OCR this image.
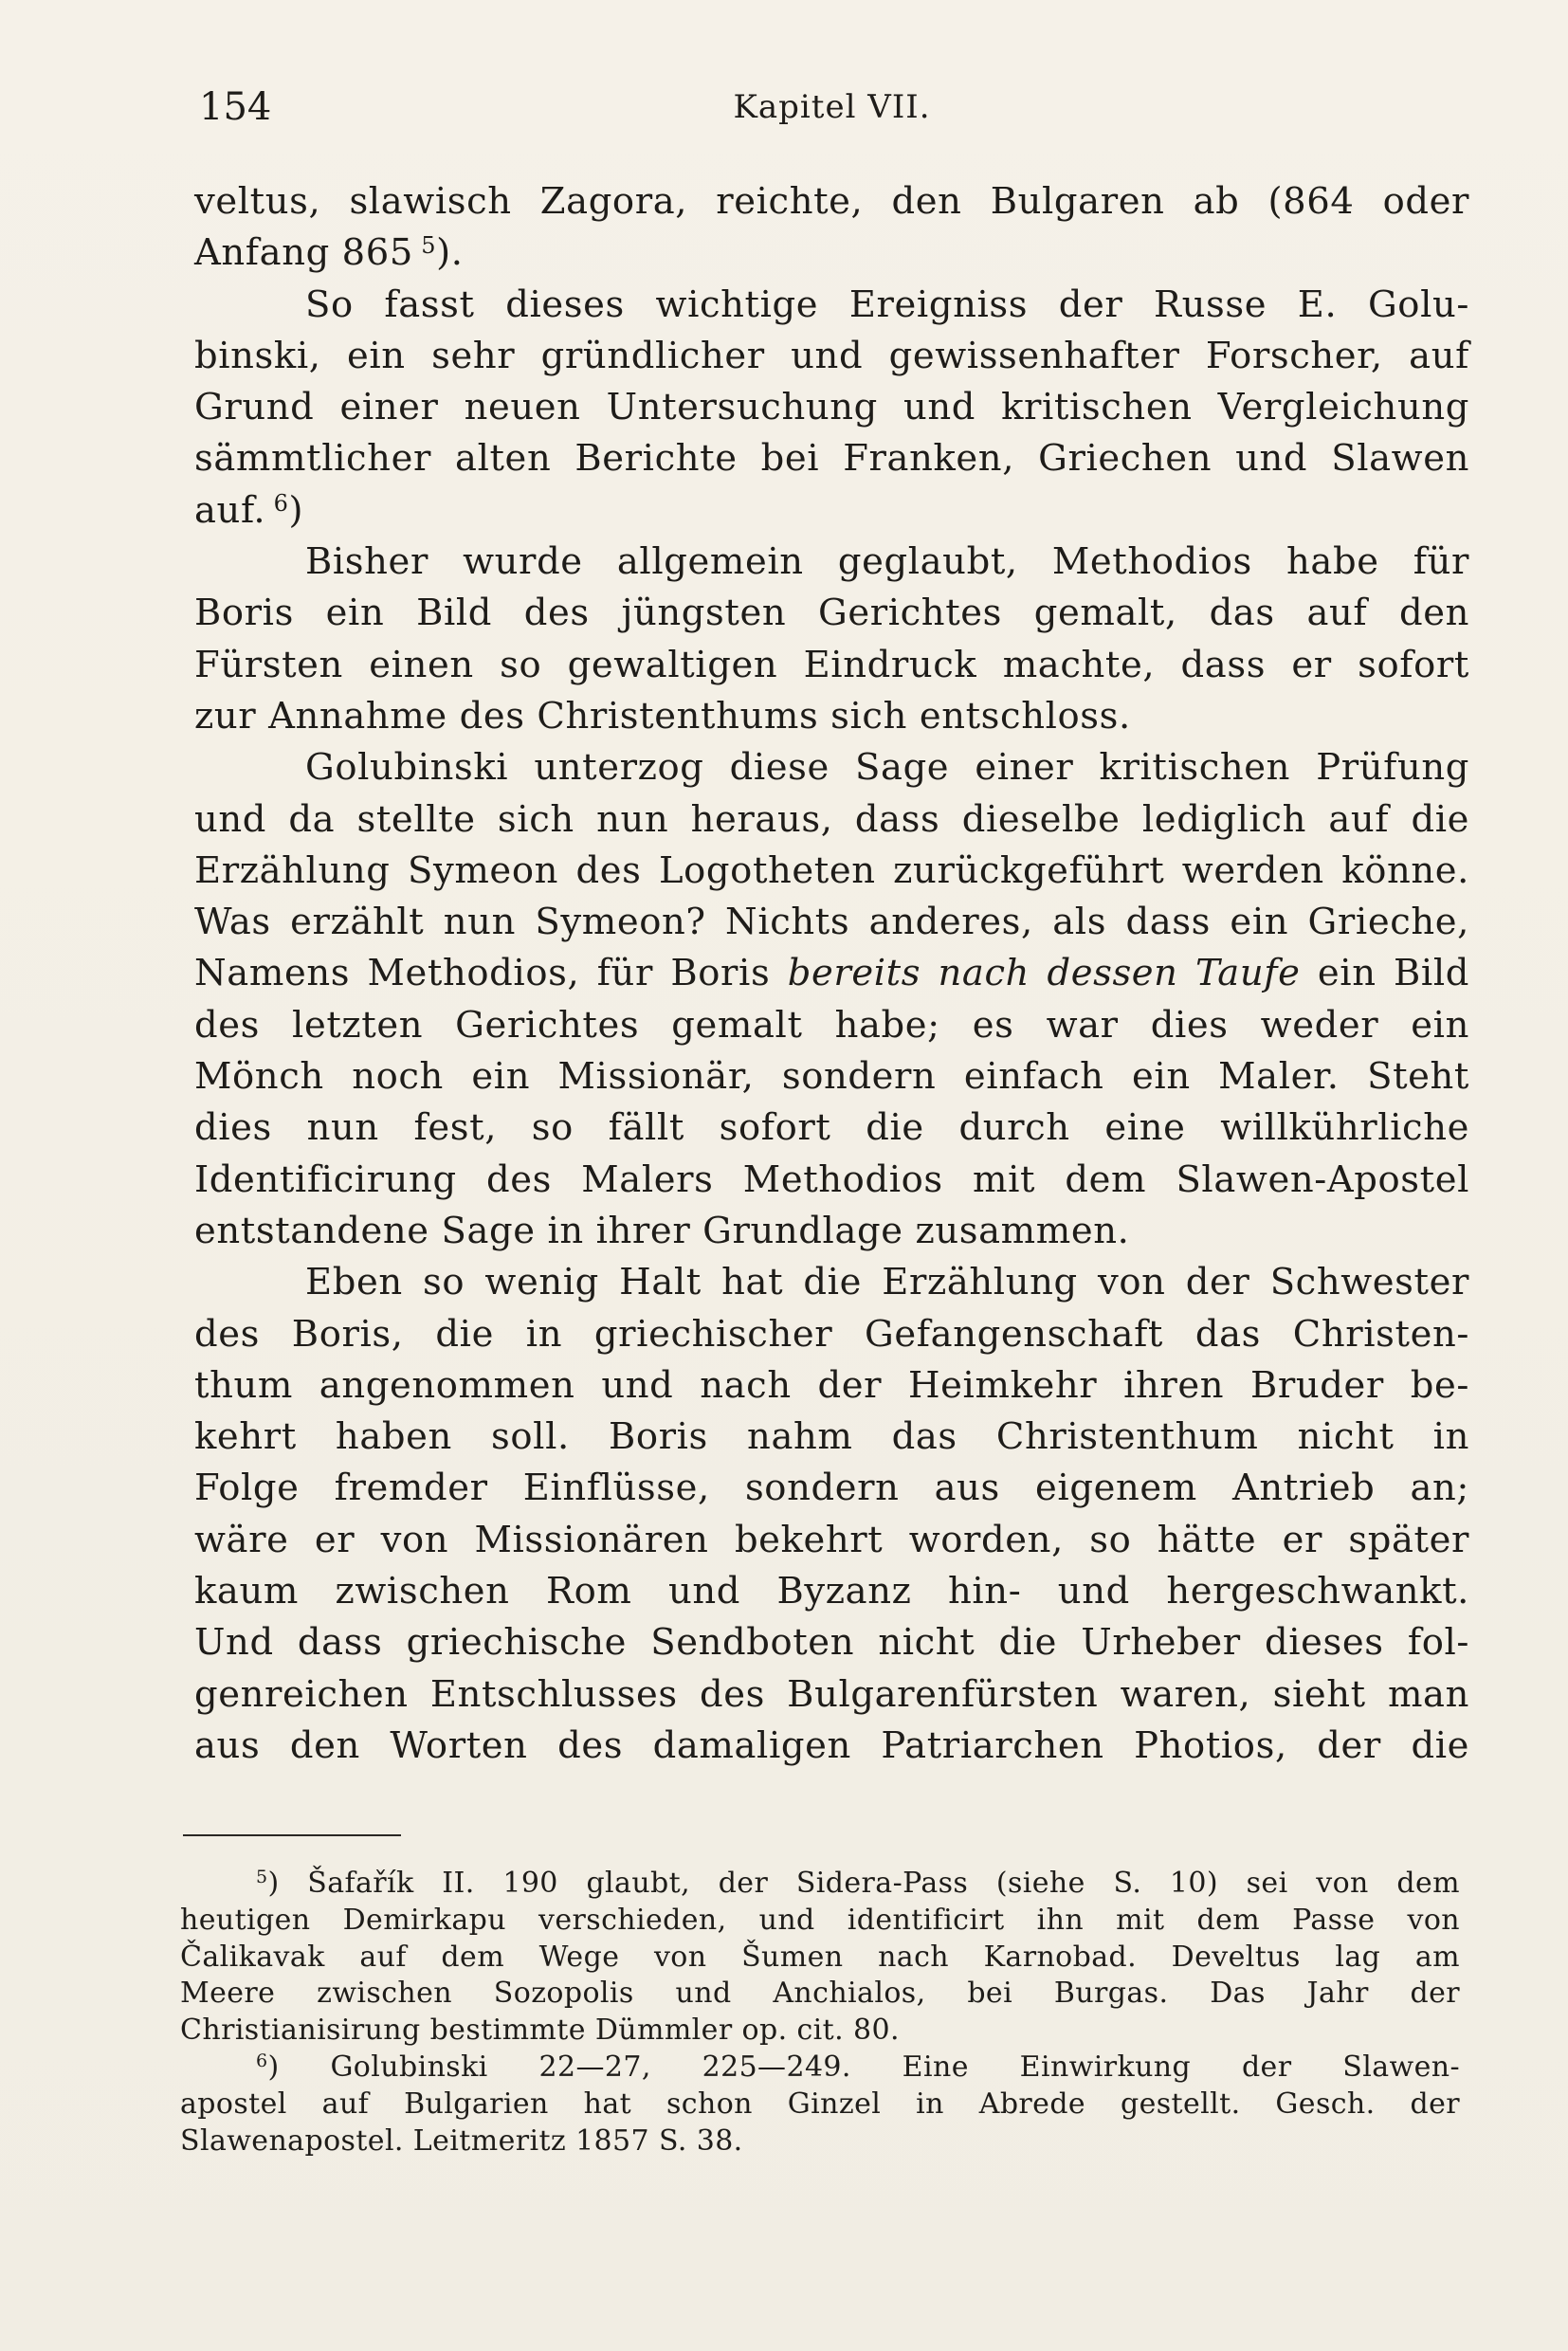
154	Kapitel VII.
veltus, slawisch Zagora, reichte, den Bulgaren ab (864 oder
Anfang 865  $^5$).
So fasst dieses wichtige Ereigniss der Russe E. Golu-
binski, ein sehr gründlicher und gewissenhafter Forscher, auf
Grund einer neuen Untersuchung und kritischen Vergleichung
sämmtlicher alten Berichte bei Franken, Griechen und Slawen
auf.  $^6$)
Bisher wurde allgemein geglaubt, Methodios habe für
Boris ein Bild des jüngsten Gerichtes gemalt, das auf den
Fürsten einen so gewaltigen Eindruck machte, dass er sofort
zur Annahme des Christenthums sich entschloss.
Golubinski unterzog diese Sage einer kritischen Prüfung
und da stellte sich nun heraus, dass dieselbe lediglich auf die
Erzählung Symeon des Logotheten zurückgeführt werden könne.
Was erzählt nun Symeon? Nichts anderes, als dass ein Grieche,
Namens Methodios, für Boris bereits nach dessen Taufe ein Bild
des letzten Gerichtes gemalt habe; es war dies weder ein
Mönch noch ein Missionär, sondern einfach ein Maler. Steht
dies nun fest, so fällt sofort die durch eine willkührliche
Identificirung des Malers Methodios mit dem Slawen-Apostel
entstandene Sage in ihrer Grundlage zusammen.
Eben so wenig Halt hat die Erzählung von der Schwester
des Boris, die in griechischer Gefangenschaft das Christen-
thum angenommen und nach der Heimkehr ihren Bruder be-
kehrt haben soll. Boris nahm das Christenthum nicht in
Folge fremder Einflüsse, sondern aus eigenem Antrieb an;
wäre er von Missionären bekehrt worden, so hätte er später
kaum zwischen Rom und Byzanz hin- und hergeschwankt.
Und dass griechische Sendboten nicht die Urheber dieses fol-
genreichen Entschlusses des Bulgarenfürsten waren, sieht man
aus den Worten des damaligen Patriarchen Photios, der die
$^5$) Šafařík II. 190 glaubt, der Sidera-Pass (siehe S. 10) sei von dem
heutigen Demirkapu verschieden, und identificirt ihn mit dem Passe von
Čalikavak auf dem Wege von Šumen nach Karnobad. Develtus lag am
Meere zwischen Sozopolis und Anchialos, bei Burgas. Das Jahr der
Christianisirung bestimmte Dümmler op. cit. 80.
$^6$) Golubinski 22—27, 225—249. Eine Einwirkung der Slawen-
apostel auf Bulgarien hat schon Ginzel in Abrede gestellt. Gesch. der
Slawenapostel. Leitmeritz 1857 S. 38.
